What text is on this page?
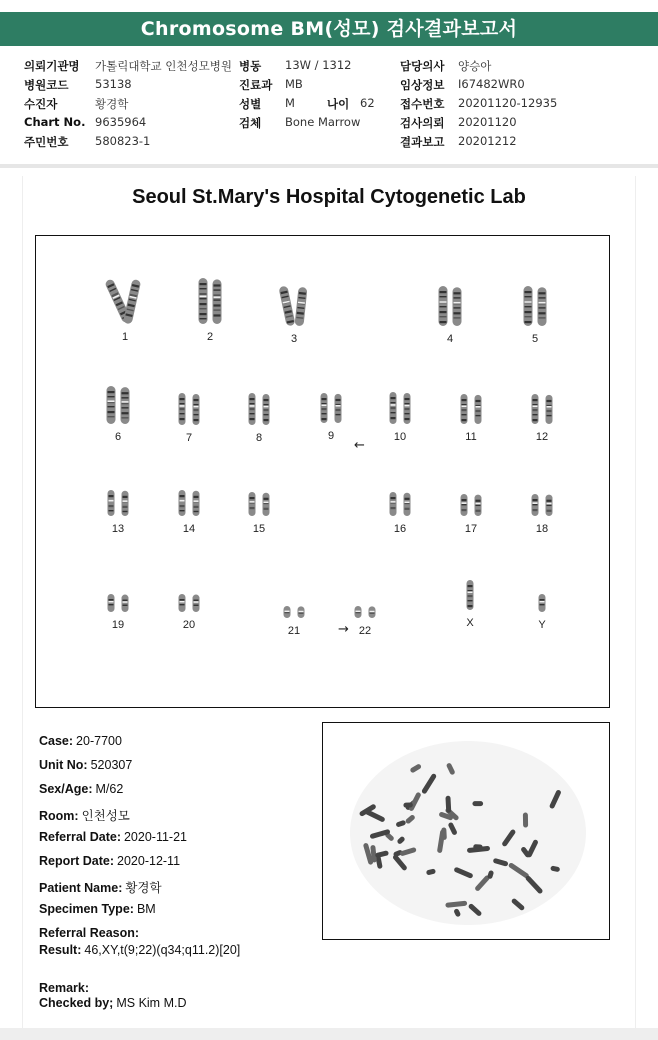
Chromosome BM(성모) 검사결과보고서
의뢰기관명 가톨릭대학교 인천성모병원 병동 13W / 1312	담당의사 양승아
병원코드 53138	진료과 MB	임상정보 I67482WR0
수진자	황경학	성별 M	나이 62 접수번호 20201120-12935
Chart No. 9635964	검체 Bone Marrow	검사의뢰 20201120
주민번호 580823-1	결과보고 20201212
Seoul St.Mary's Hospital Cytogenetic Lab
1	2	3	4	5
6	7	8	9	10	11	12
13	14	15	16	17	18
19	20	21	22
X	Y
←
→
Case: 20-7700
Unit No: 520307
Sex/Age: M/62
Room: 인천성모
Referral Date: 2020-11-21
Report Date: 2020-12-11
Patient Name: 황경학
Specimen Type: BM
Referral Reason:
Result: 46,XY,t(9;22)(q34;q11.2)[20]
Remark:
Checked by; MS Kim M.D
